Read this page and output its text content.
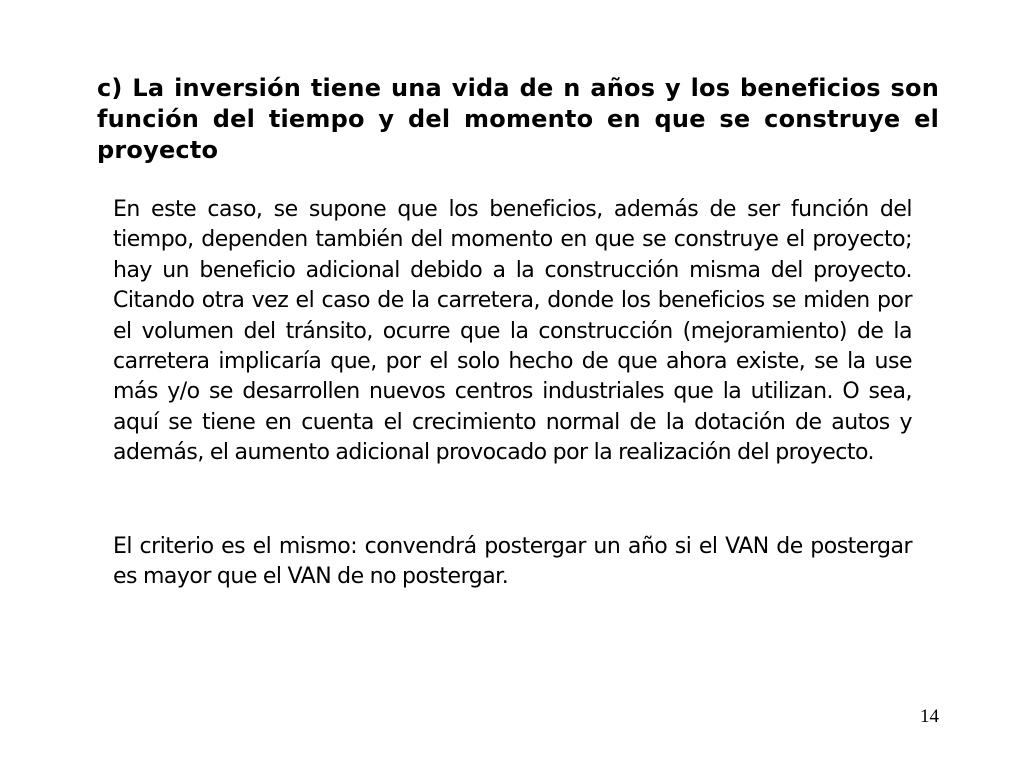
c) La inversión tiene una vida de n años y los beneficios son función del tiempo y del momento en que se construye el proyecto

En este caso, se supone que los beneficios, además de ser función del tiempo, dependen también del momento en que se construye el proyecto; hay un beneficio adicional debido a la construcción misma del proyecto. Citando otra vez el caso de la carretera, donde los beneficios se miden por el volumen del tránsito, ocurre que la construcción (mejoramiento) de la carretera implicaría que, por el solo hecho de que ahora existe, se la use más y/o se desarrollen nuevos centros industriales que la utilizan. O sea, aquí se tiene en cuenta el crecimiento normal de la dotación de autos y además, el aumento adicional provocado por la realización del proyecto.

El criterio es el mismo: convendrá postergar un año si el VAN de postergar es mayor que el VAN de no postergar.

14
